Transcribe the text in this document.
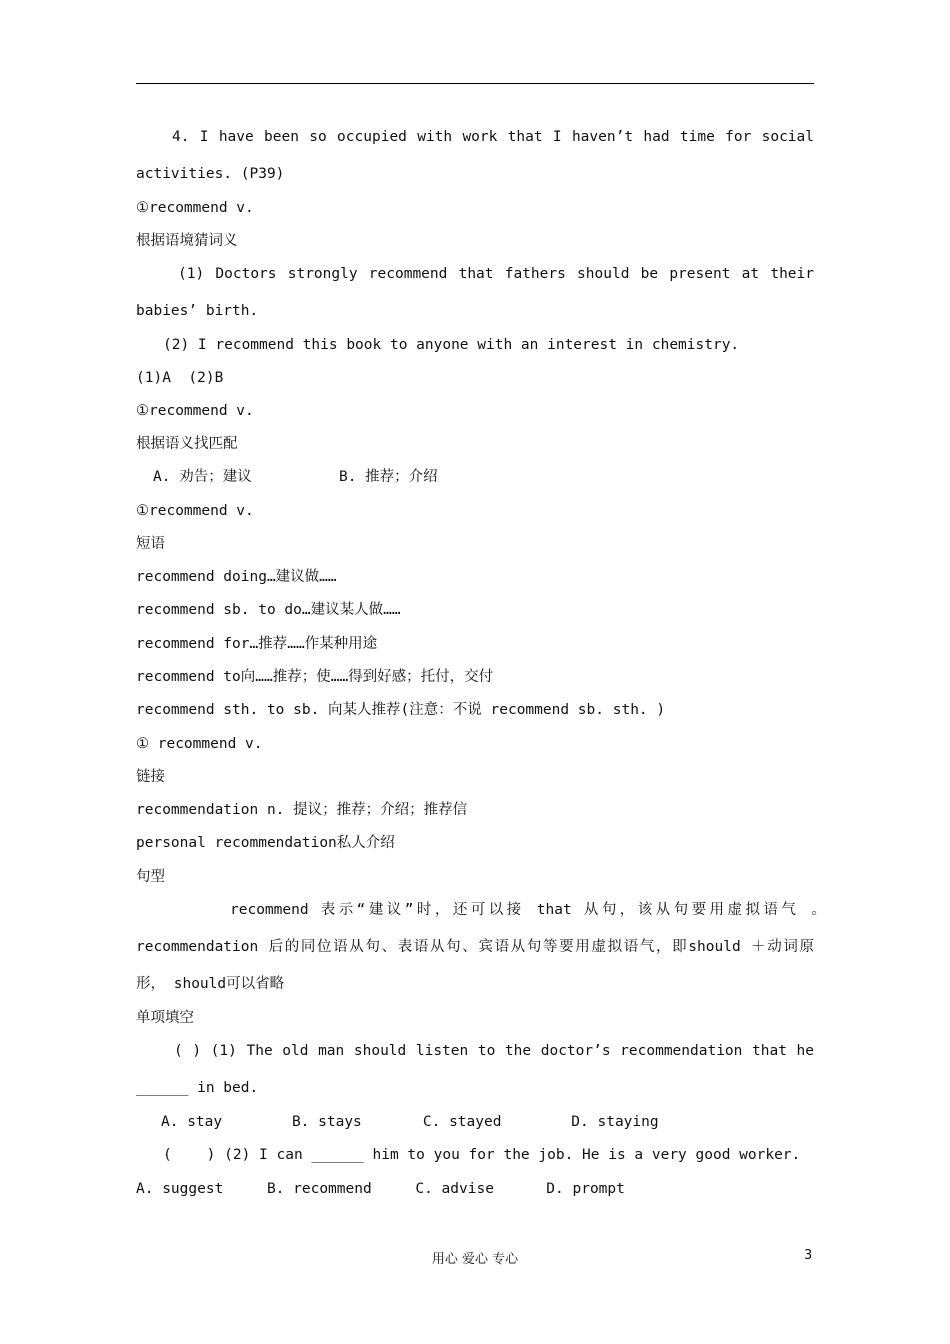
4. I have been so occupied with work that I haven’t had time for social
activities. (P39)
①recommend v.
根据语境猜词义
(1) Doctors strongly recommend that fathers should be present at their
babies’ birth.
(2) I recommend this book to anyone with an interest in chemistry.
(1)A  (2)B
①recommend v.
根据语义找匹配
A. 劝告；建议          B. 推荐；介绍
①recommend v.
短语
recommend doing…建议做……
recommend sb. to do…建议某人做……
recommend for…推荐……作某种用途
recommend to向……推荐；使……得到好感；托付，交付
recommend sth. to sb. 向某人推荐(注意：不说 recommend sb. sth. )
① recommend v.
链接
recommendation n. 提议；推荐；介绍；推荐信
personal recommendation私人介绍
句型
recommend 表示“建议”时，还可以接 that 从句，该从句要用虚拟语气 。
recommendation 后的同位语从句、表语从句、宾语从句等要用虚拟语气，即should ＋动词原
形， should可以省略
单项填空
( ) (1) The old man should listen to the doctor’s recommendation that he
______ in bed.
A. stay        B. stays       C. stayed        D. staying
(    ) (2) I can ______ him to you for the job. He is a very good worker.
A. suggest     B. recommend     C. advise      D. prompt
用心 爱心 专心	3
